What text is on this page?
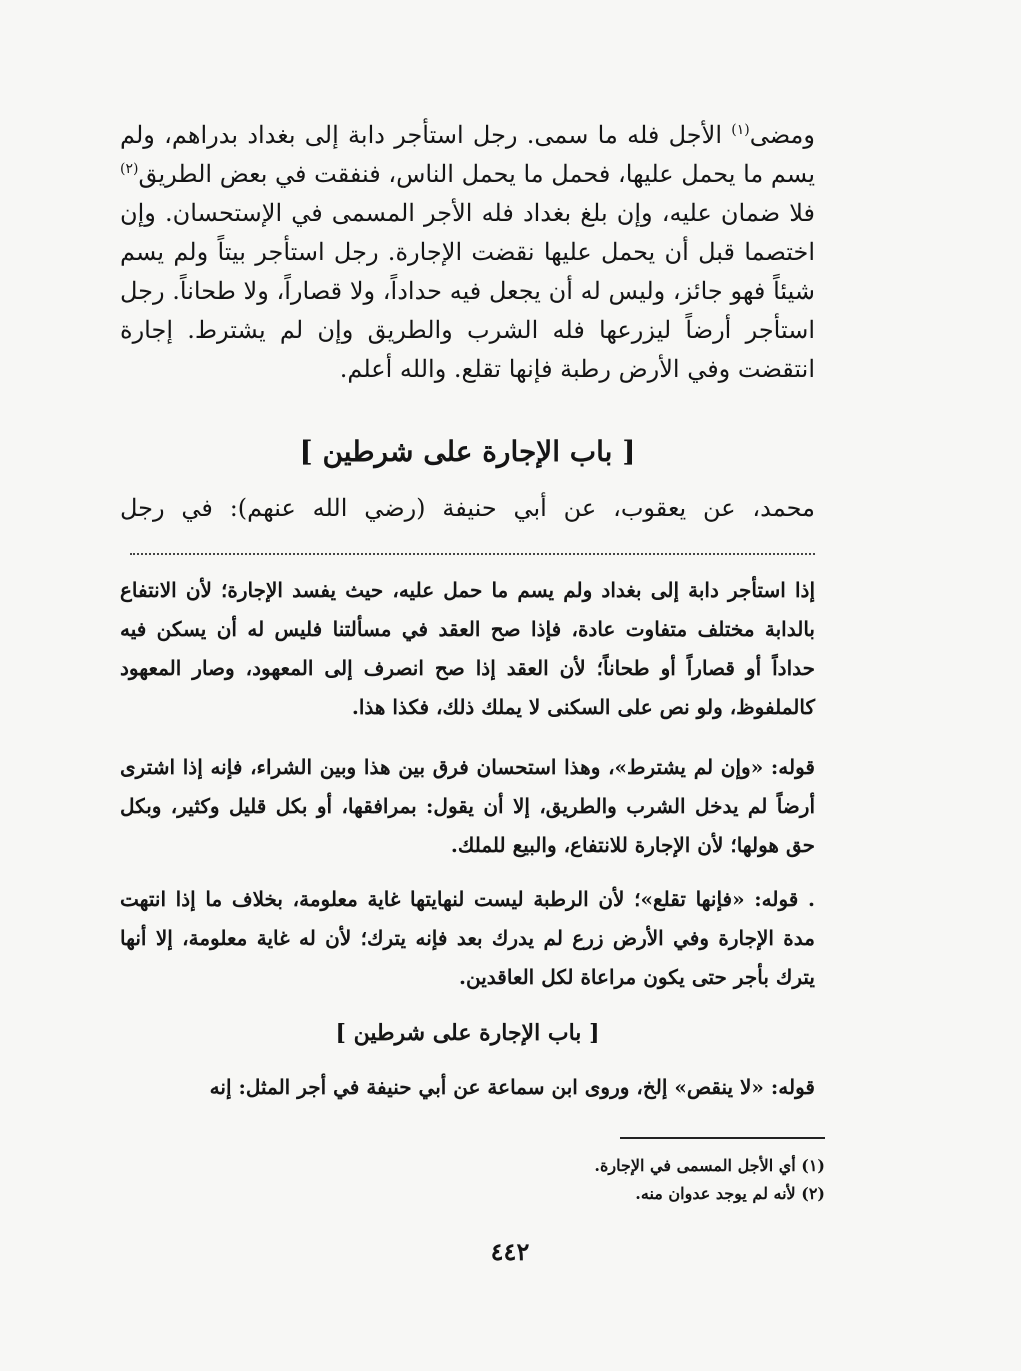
ومضى$^{(١)}$ الأجل فله ما سمى. رجل استأجر دابة إلى بغداد بدراهم، ولم يسم ما يحمل عليها، فحمل ما يحمل الناس، فنفقت في بعض الطريق$^{(٢)}$ فلا ضمان عليه، وإن بلغ بغداد فله الأجر المسمى في الإستحسان. وإن اختصما قبل أن يحمل عليها نقضت الإجارة. رجل استأجر بيتاً ولم يسم شيئاً فهو جائز، وليس له أن يجعل فيه حداداً، ولا قصاراً، ولا طحاناً. رجل استأجر أرضاً ليزرعها فله الشرب والطريق وإن لم يشترط. إجارة انتقضت وفي الأرض رطبة فإنها تقلع. والله أعلم.
[ باب الإجارة على شرطين ]
محمد، عن يعقوب، عن أبي حنيفة (رضي الله عنهم): في رجل
إذا استأجر دابة إلى بغداد ولم يسم ما حمل عليه، حيث يفسد الإجارة؛ لأن الانتفاع بالدابة مختلف متفاوت عادة، فإذا صح العقد في مسألتنا فليس له أن يسكن فيه حداداً أو قصاراً أو طحاناً؛ لأن العقد إذا صح انصرف إلى المعهود، وصار المعهود كالملفوظ، ولو نص على السكنى لا يملك ذلك، فكذا هذا.
قوله: «وإن لم يشترط»، وهذا استحسان فرق بين هذا وبين الشراء، فإنه إذا اشترى أرضاً لم يدخل الشرب والطريق، إلا أن يقول: بمرافقها، أو بكل قليل وكثير، وبكل حق هولها؛ لأن الإجارة للانتفاع، والبيع للملك.
. قوله: «فإنها تقلع»؛ لأن الرطبة ليست لنهايتها غاية معلومة، بخلاف ما إذا انتهت مدة الإجارة وفي الأرض زرع لم يدرك بعد فإنه يترك؛ لأن له غاية معلومة، إلا أنها يترك بأجر حتى يكون مراعاة لكل العاقدين.
[ باب الإجارة على شرطين ]
قوله: «لا ينقص» إلخ، وروى ابن سماعة عن أبي حنيفة في أجر المثل: إنه
(١) أي الأجل المسمى في الإجارة.
(٢) لأنه لم يوجد عدوان منه.
٤٤٢
